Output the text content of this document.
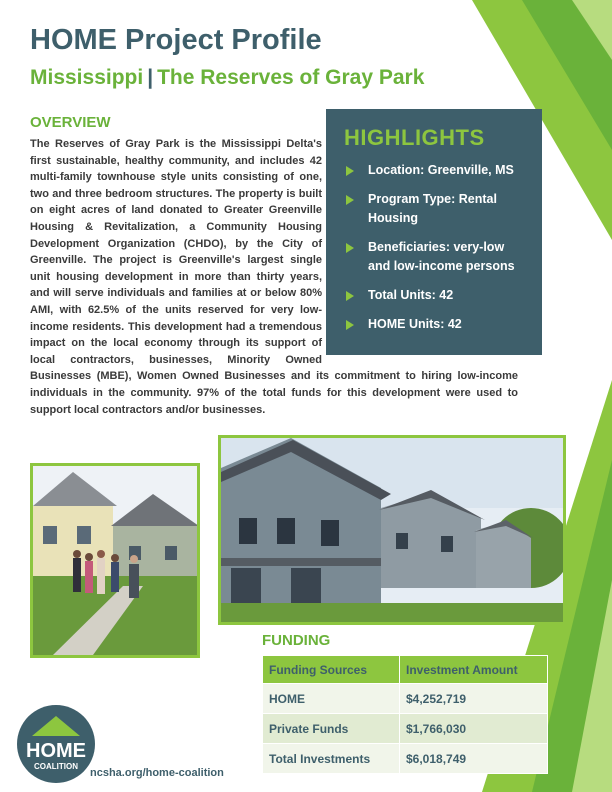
HOME Project Profile
Mississippi | The Reserves of Gray Park
OVERVIEW
The Reserves of Gray Park is the Mississippi Delta's first sustainable, healthy community, and includes 42 multi-family townhouse style units consisting of one, two and three bedroom structures. The property is built on eight acres of land donated to Greater Greenville Housing & Revitalization, a Community Housing Development Organization (CHDO), by the City of Greenville. The project is Greenville's largest single unit housing development in more than thirty years, and will serve individuals and families at or below 80% AMI, with 62.5% of the units reserved for very low-income residents. This development had a tremendous impact on the local economy through its support of local contractors, businesses, Minority Owned Businesses (MBE), Women Owned Businesses and its commitment to hiring low-income individuals in the community. 97% of the total funds for this development were used to support local contractors and/or businesses.
HIGHLIGHTS
Location: Greenville, MS
Program Type: Rental Housing
Beneficiaries: very-low and low-income persons
Total Units: 42
HOME Units: 42
FUNDING
Funding Sources	Investment Amount
HOME	$4,252,719
Private Funds	$1,766,030
Total Investments	$6,018,749
HOME
COALITION
ncsha.org/home-coalition
